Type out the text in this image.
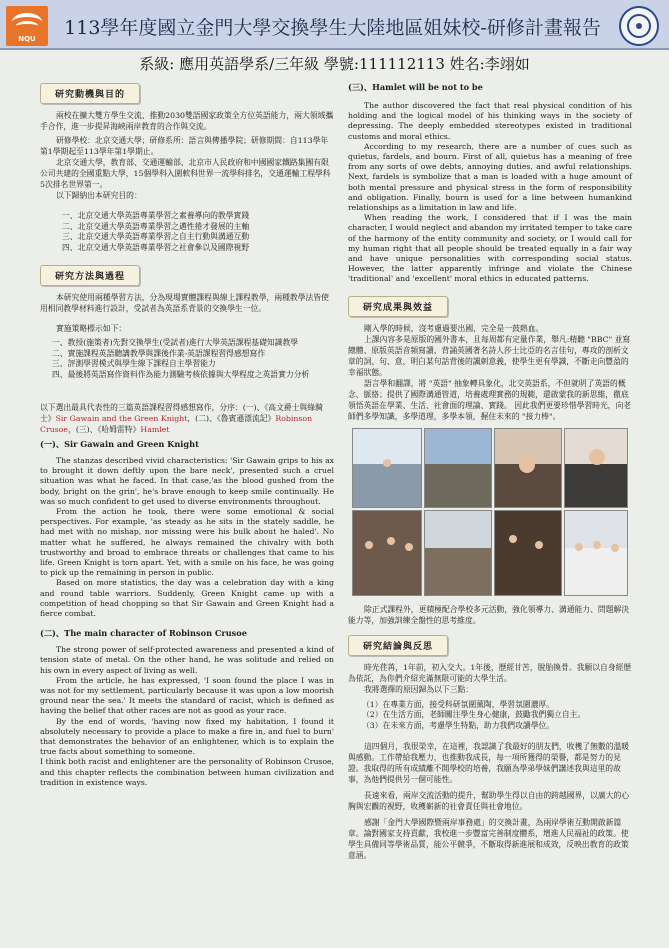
NQU	113學年度國立金門大學交換學生大陸地區姐妹校-研修計畫報告
系級: 應用英語學系/三年級 學號:111112113 姓名:李翊如
研究動機與目的

兩校在擴大雙方學生交流、推動2030雙語國家政策全方位英語能力，兩大領域攜手合作，進一步提昇海峽兩岸教育的合作與交流。

研修學校：北京交通大學；研修系所：語言與傳播學院；研修期間：自113學年第1學期起至113學年第1學期止。

北京交通大學，教育部、交通運輸部、北京市人民政府和中國國家鐵路集團有限公司共建的全國重點大學，15個學科入圍軟科世界一流學科排名，交通運輸工程學科5次排名世界第一。

以下歸納出本研究目的：

一、北京交通大學英語專業學習之素養導向的教學實踐
二、北京交通大學英語專業學習之邁性捲才發展的主軸
三、北京交通大學英語專業學習之自主行動與溝通互動
四、北京交通大學英語專業學習之社會參以及國際視野
研究方法與過程

本研究使用兩種學習方法，分為現場實體課程與線上課程教學，兩種教學法皆使用相同教學材料進行設計，受試者為英語系背景的交換學生一位。

實施策略標示如下：

一、教授(施策者)先對交換學生(受試者)進行大學英語課程基礎知識教學
二、實施課程英語聽講教學與課後作業-英語課程習得感想寫作
三、評測學習模式與學生線下課程自主學習能力
四、最後將英語寫作資料作為能力測驗考核依據與大學程度之英語實力分析

以下選出最具代表性的三篇英語課程習得感想寫作，分序：(一)、《高文爵士與綠騎士》Sir Gawain and the Green Knight，(二)、《魯賓遜漂流記》Robinson Crusoe，(三)、《哈姆雷特》Hamlet

(一)、Sir Gawain and Green Knight

The stanzas described vivid characteristics: 'Sir Gawain grips to his ax to brought it down deftly upon the bare neck', presented such a cruel situation was what he faced. In that case,'as the blood gushed from the body, bright on the grin', he's brave enough to keep smile continually. He was so much confident to get used to diverse environments throughout.

From the action he took, there were some emotional & social perspectives. For example, 'as steady as he sits in the stately saddle, he had met with no mishap, nor missing were his bulk about he haled'. No matter what he suffered, he always remained the chivalry with both trustworthy and broad to embrace threats or challenges that came to his life. Green Knight is torn apart. Yet, with a smile on his face, he was going to pick up the remaining in person in public.

Based on more statistics, the day was a celebration day with a king and round table warriors. Suddenly, Green Knight came up with a competition of head chopping so that Sir Gawain and Green Knight had a fierce combat.

(二)、The main character of Robinson Crusoe

The strong power of self-protected awareness and presented a kind of tension state of metal. On the other hand, he was solitude and relied on his own in every aspect of living as well.

From the article, he has expressed, 'I soon found the place I was in was not for my settlement, particularly because it was upon a low moorish ground near the sea.' It meets the standard of racist, which is defined as having the belief that other races are not as good as your race.

By the end of words, 'having now fixed my habitation, I found it absolutely necessary to provide a place to make a fire in, and fuel to burn' that demonstrates the behavior of an enlightener, which is to explain the true facts about something to someone.

I think both racist and enlightener are the personality of Robinson Crusoe, and this chapter reflects the combination between human civilization and tradition in existence ways.

(三)、Hamlet will be not to be

The author discovered the fact that real physical condition of his holding and the logical model of his thinking ways in the society of depressing. The deeply embedded stereotypes existed in traditional customs and moral ethics.

According to my research, there are a number of cues such as quietus, fardels, and bourn. First of all, quietus has a meaning of free from any sorts of owe debts, annoying duties, and awful relationships. Next, fardels is symbolize that a man is loaded with a huge amount of both mental pressure and physical stress in the form of responsibility and obligation. Finally, bourn is used for a line between humankind relationships as a limitation in law and life.

When reading the work, I considered that if I was the main character, I would neglect and abandon my irritated temper to take care of the harmony of the entity community and society, or I would call for my human right that all people should be treated equally in a fair way and have unique personalities with corresponding social status. However, the latter apparently infringe and violate the Chinese 'traditional' and 'excellent' moral ethics in educated patterns.

研究成果與效益

剛入學的時候，沒考慮過要出國，完全是一鼓熱血。

上課內容多是原版的國外書本，且每周都有定量作業，舉凡:精聽 "BBC" 並寫總體、原版英語音頻寫讀、背誦英國著名詩人莎士比亞的名言佳句，專攻的剖析文章的詞、句、意，明白某句話背後的諷刺意義，使學生更有學識，不斷走向豐盈的幸福狀態。

語言學和翻譯，將 "英語" 抽象轉具象化，北交英語系，不但就明了英語的概念、脈絡；提供了國際溝通管道，培養處理實務的規範，還啟蒙我的新思維，徹底領悟英語在學業、生活、社會面的理論、實踐。 因此我們更要珍惜學習時光，向老師們多學知識，多學道理，多學本領，握住未來的 "接力棒"。

除正式課程外，更積極配合學校多元活動，強化領導力、溝通能力、問題解決能力等，加強訓練全盤性的思考維度。

研究結論與反思

時光荏苒，1年前，初入交大。1年後，歷經甘苦，脫胎換骨。我願以自身經歷為依託，為你們介紹充滿無限可能的大學生活。

我將選擇的原因歸為以下三點：

（1）在專業方面，接受科研氛圍薰陶，學習氛圍濃厚。
（2）在生活方面，老師關注學生身心健康，鼓勵我們獨立自主。
（3）在未來方面，考慮學生特點，助力我們攻讀學位。

這四個月，我很榮幸，在這裡，我認識了我最好的朋友們，收穫了無數的溫暖與感動。工作帶給我壓力，也推動我成長，每一項所獲得的榮譽，都是努力的見證。我取得的所有成績離不開學校的培養，我願為學弟學妹們講述我與這里的故事，為他們提供另一個可能性。

長遠來看，兩岸交流活動的提升，幫助學生得以自由的跨越國界，以廣大的心胸與宏觀的視野，收穫嶄新的社會責任與社會地位。

感謝「金門大學國際暨兩岸事務處」的交換計畫，為兩岸學術互動開啟新篇章。論對國家支持貢獻，我校進一步豐富完善制度體系，增進人民福祉的政策。使學生具備同等學術品質，能公平競爭，不斷取得新進展和成效，反映出教育的政策意涵。
